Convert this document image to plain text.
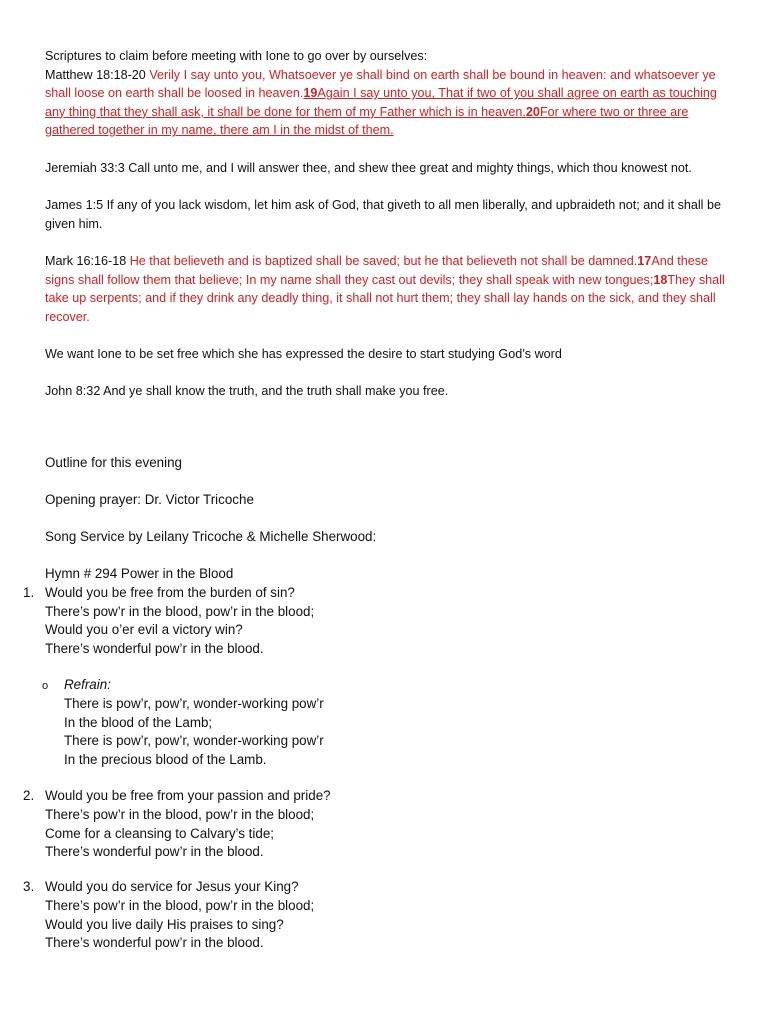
Scriptures to claim before meeting with Ione to go over by ourselves:
Matthew 18:18-20 Verily I say unto you, Whatsoever ye shall bind on earth shall be bound in heaven: and whatsoever ye shall loose on earth shall be loosed in heaven.19Again I say unto you, That if two of you shall agree on earth as touching any thing that they shall ask, it shall be done for them of my Father which is in heaven.20For where two or three are gathered together in my name, there am I in the midst of them.
Jeremiah 33:3 Call unto me, and I will answer thee, and shew thee great and mighty things, which thou knowest not.
James 1:5 If any of you lack wisdom, let him ask of God, that giveth to all men liberally, and upbraideth not; and it shall be given him.
Mark 16:16-18 He that believeth and is baptized shall be saved; but he that believeth not shall be damned.17And these signs shall follow them that believe; In my name shall they cast out devils; they shall speak with new tongues;18They shall take up serpents; and if they drink any deadly thing, it shall not hurt them; they shall lay hands on the sick, and they shall recover.
We want Ione to be set free which she has expressed the desire to start studying God’s word
John 8:32 And ye shall know the truth, and the truth shall make you free.
Outline for this evening
Opening prayer: Dr. Victor Tricoche
Song Service by Leilany Tricoche & Michelle Sherwood:
Hymn # 294 Power in the Blood
1. Would you be free from the burden of sin?
There’s pow’r in the blood, pow’r in the blood;
Would you o’er evil a victory win?
There’s wonderful pow’r in the blood.
o Refrain:
There is pow’r, pow’r, wonder-working pow’r
In the blood of the Lamb;
There is pow’r, pow’r, wonder-working pow’r
In the precious blood of the Lamb.
2. Would you be free from your passion and pride?
There’s pow’r in the blood, pow’r in the blood;
Come for a cleansing to Calvary’s tide;
There’s wonderful pow’r in the blood.
3. Would you do service for Jesus your King?
There’s pow’r in the blood, pow’r in the blood;
Would you live daily His praises to sing?
There’s wonderful pow’r in the blood.
